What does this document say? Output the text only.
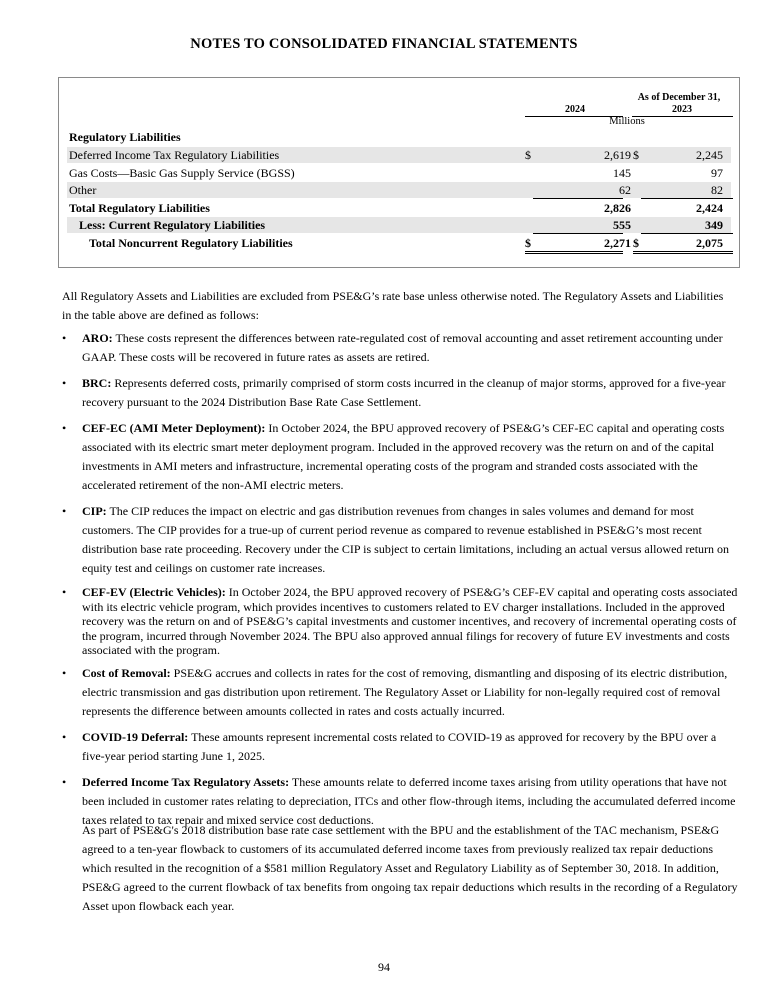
NOTES TO CONSOLIDATED FINANCIAL STATEMENTS
As of December 31,
2024	2023
Millions
Regulatory Liabilities
Deferred Income Tax Regulatory Liabilities	$	2,619 $	2,245
Gas Costs—Basic Gas Supply Service (BGSS)	145	97
Other	62	82
Total Regulatory Liabilities	2,826	2,424
Less: Current Regulatory Liabilities	555	349
Total Noncurrent Regulatory Liabilities	$	2,271 $	2,075
All Regulatory Assets and Liabilities are excluded from PSE&G’s rate base unless otherwise noted. The Regulatory Assets and Liabilities in the table above are defined as follows:
• ARO: These costs represent the differences between rate-regulated cost of removal accounting and asset retirement accounting under GAAP. These costs will be recovered in future rates as assets are retired.
• BRC: Represents deferred costs, primarily comprised of storm costs incurred in the cleanup of major storms, approved for a five-year recovery pursuant to the 2024 Distribution Base Rate Case Settlement.
• CEF-EC (AMI Meter Deployment): In October 2024, the BPU approved recovery of PSE&G’s CEF-EC capital and operating costs associated with its electric smart meter deployment program. Included in the approved recovery was the return on and of the capital investments in AMI meters and infrastructure, incremental operating costs of the program and stranded costs associated with the accelerated retirement of the non-AMI electric meters.
• CIP: The CIP reduces the impact on electric and gas distribution revenues from changes in sales volumes and demand for most customers. The CIP provides for a true-up of current period revenue as compared to revenue established in PSE&G’s most recent distribution base rate proceeding. Recovery under the CIP is subject to certain limitations, including an actual versus allowed return on equity test and ceilings on customer rate increases.
• CEF-EV (Electric Vehicles): In October 2024, the BPU approved recovery of PSE&G’s CEF-EV capital and operating costs associated with its electric vehicle program, which provides incentives to customers related to EV charger installations. Included in the approved recovery was the return on and of PSE&G’s capital investments and customer incentives, and recovery of incremental operating costs of the program, incurred through November 2024. The BPU also approved annual filings for recovery of future EV investments and costs associated with the program.
• Cost of Removal: PSE&G accrues and collects in rates for the cost of removing, dismantling and disposing of its electric distribution, electric transmission and gas distribution upon retirement. The Regulatory Asset or Liability for non-legally required cost of removal represents the difference between amounts collected in rates and costs actually incurred.
• COVID-19 Deferral: These amounts represent incremental costs related to COVID-19 as approved for recovery by the BPU over a five-year period starting June 1, 2025.
• Deferred Income Tax Regulatory Assets: These amounts relate to deferred income taxes arising from utility operations that have not been included in customer rates relating to depreciation, ITCs and other flow-through items, including the accumulated deferred income taxes related to tax repair and mixed service cost deductions.
As part of PSE&G's 2018 distribution base rate case settlement with the BPU and the establishment of the TAC mechanism, PSE&G agreed to a ten-year flowback to customers of its accumulated deferred income taxes from previously realized tax repair deductions which resulted in the recognition of a $581 million Regulatory Asset and Regulatory Liability as of September 30, 2018. In addition, PSE&G agreed to the current flowback of tax benefits from ongoing tax repair deductions which results in the recording of a Regulatory Asset upon flowback each year.
94
